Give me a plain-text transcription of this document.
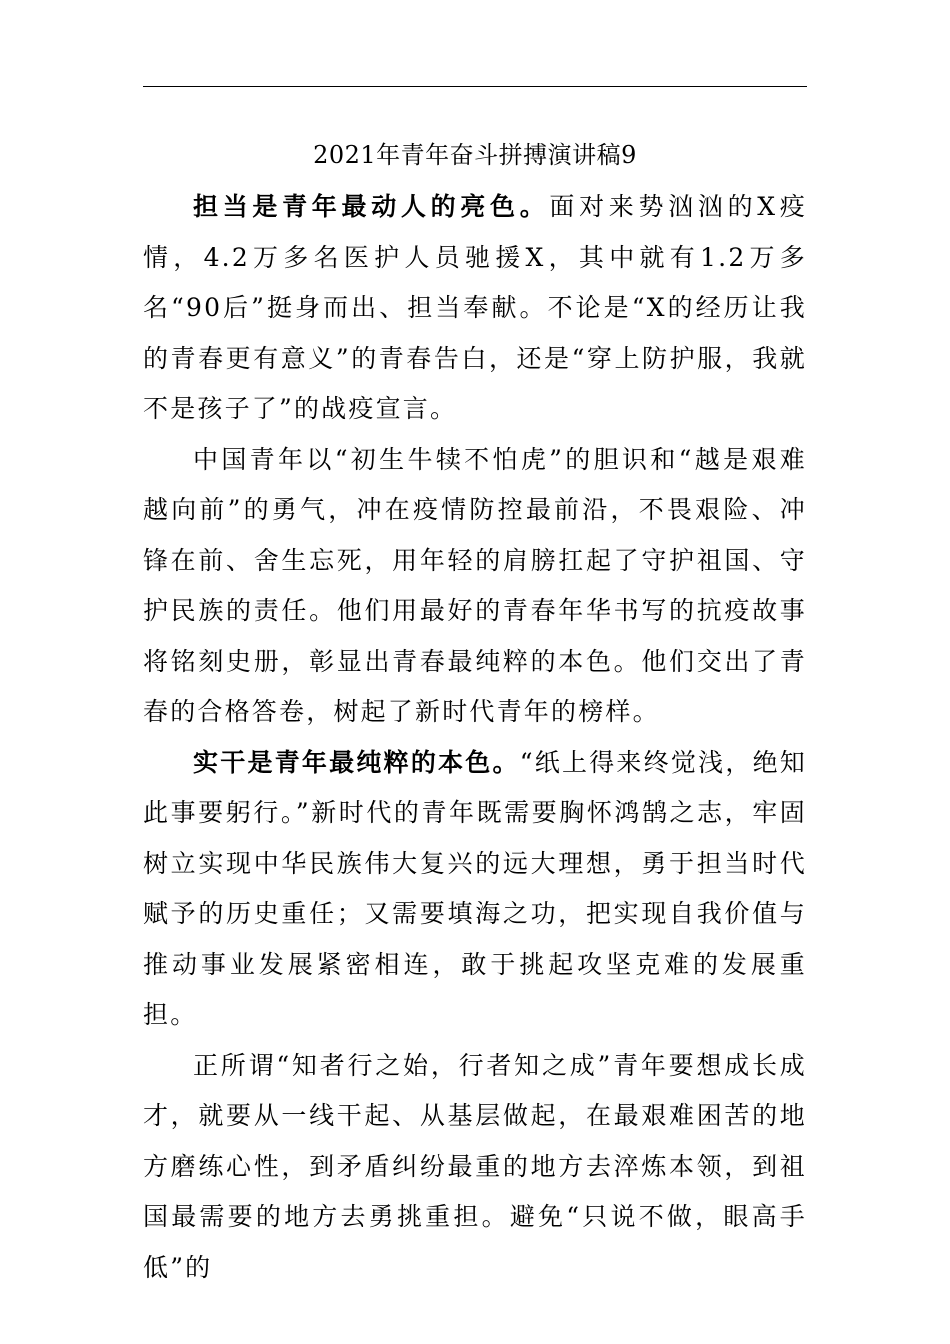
2021年青年奋斗拼搏演讲稿9

担当是青年最动人的亮色。面对来势汹汹的X疫情，4.2万多名医护人员驰援X，其中就有1.2万多名“90后”挺身而出、担当奉献。不论是“X的经历让我的青春更有意义”的青春告白，还是“穿上防护服，我就不是孩子了”的战疫宣言。

中国青年以“初生牛犊不怕虎”的胆识和“越是艰难越向前”的勇气，冲在疫情防控最前沿，不畏艰险、冲锋在前、舍生忘死，用年轻的肩膀扛起了守护祖国、守护民族的责任。他们用最好的青春年华书写的抗疫故事将铭刻史册，彰显出青春最纯粹的本色。他们交出了青春的合格答卷，树起了新时代青年的榜样。

实干是青年最纯粹的本色。“纸上得来终觉浅，绝知此事要躬行。”新时代的青年既需要胸怀鸿鹄之志，牢固树立实现中华民族伟大复兴的远大理想，勇于担当时代赋予的历史重任；又需要填海之功，把实现自我价值与推动事业发展紧密相连，敢于挑起攻坚克难的发展重担。

正所谓“知者行之始，行者知之成”青年要想成长成才，就要从一线干起、从基层做起，在最艰难困苦的地方磨练心性，到矛盾纠纷最重的地方去淬炼本领，到祖国最需要的地方去勇挑重担。避免“只说不做，眼高手低”的
